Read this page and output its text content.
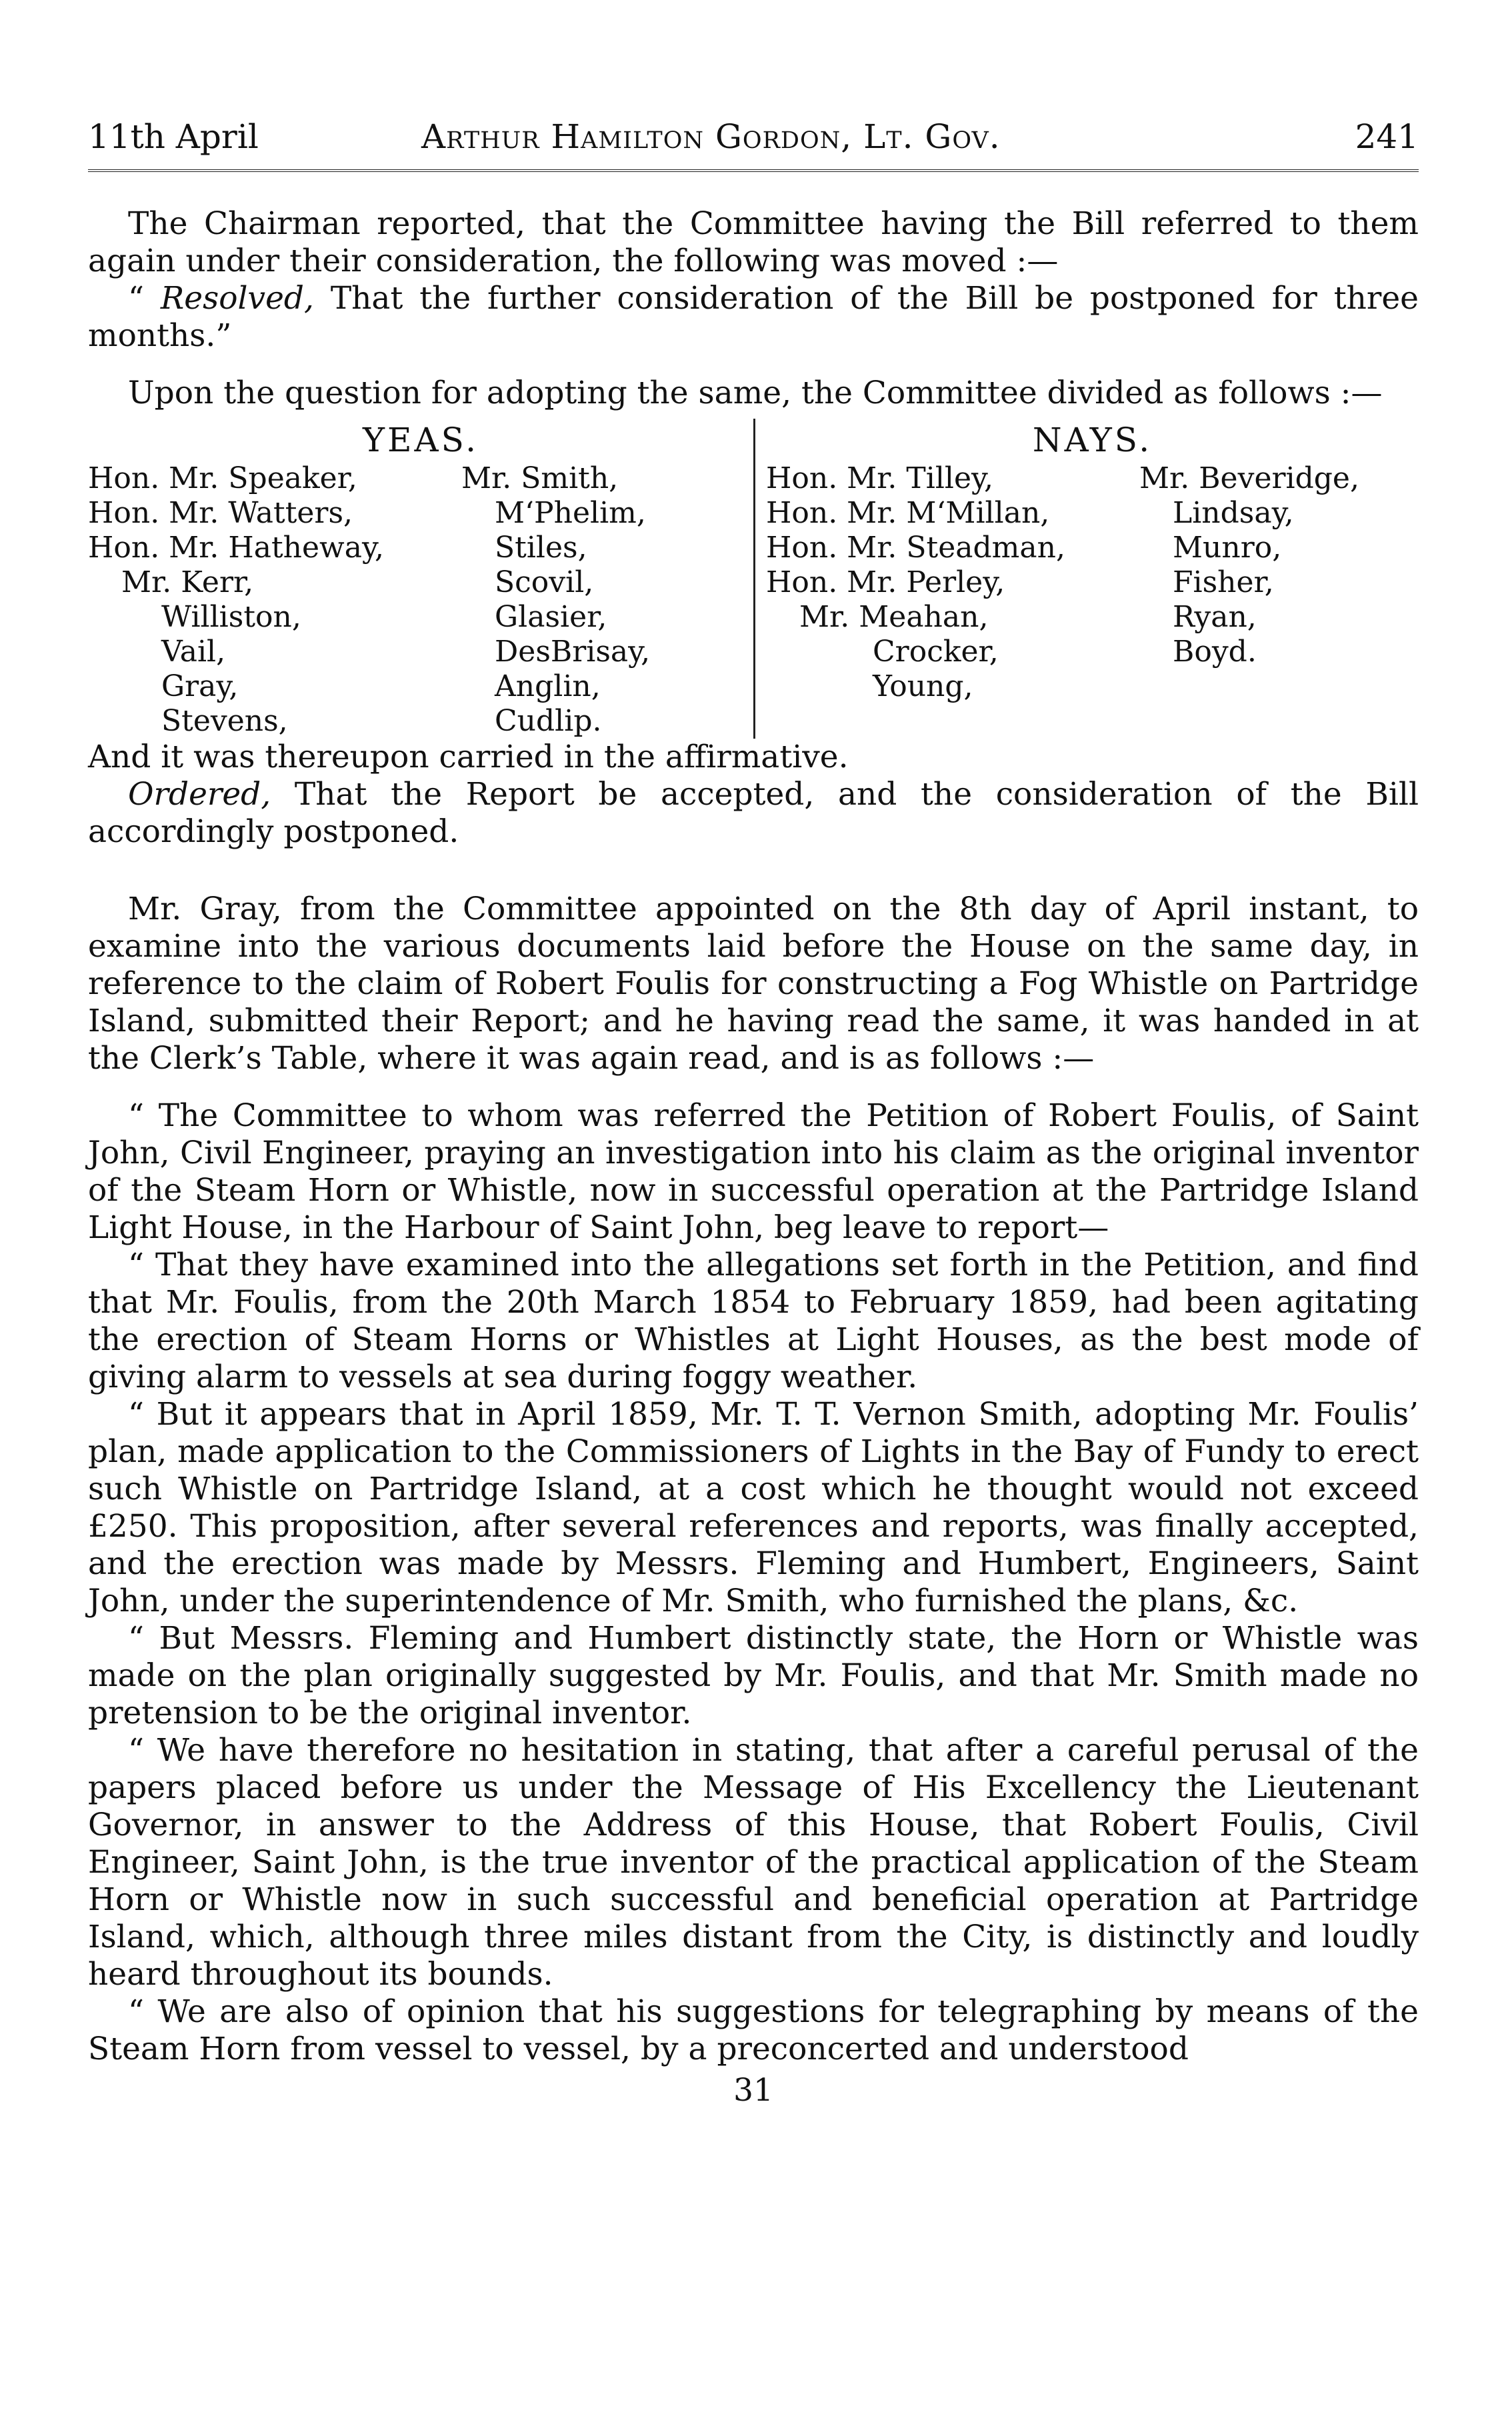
11th April	Arthur Hamilton Gordon, Lt. Gov.	241

The Chairman reported, that the Committee having the Bill referred to them again under their consideration, the following was moved :—

“ Resolved, That the further consideration of the Bill be postponed for three months.”

Upon the question for adopting the same, the Committee divided as follows :—

YEAS.
Hon. Mr. Speaker,
Hon. Mr. Watters,
Hon. Mr. Hatheway,
Mr. Kerr,
Williston,
Vail,
Gray,
Stevens,
Mr. Smith,
M‘Phelim,
Stiles,
Scovil,
Glasier,
DesBrisay,
Anglin,
Cudlip.
NAYS.
Hon. Mr. Tilley,
Hon. Mr. M‘Millan,
Hon. Mr. Steadman,
Hon. Mr. Perley,
Mr. Meahan,
Crocker,
Young,
Mr. Beveridge,
Lindsay,
Munro,
Fisher,
Ryan,
Boyd.

And it was thereupon carried in the affirmative.

Ordered, That the Report be accepted, and the consideration of the Bill accordingly postponed.

Mr. Gray, from the Committee appointed on the 8th day of April instant, to examine into the various documents laid before the House on the same day, in reference to the claim of Robert Foulis for constructing a Fog Whistle on Partridge Island, submitted their Report; and he having read the same, it was handed in at the Clerk’s Table, where it was again read, and is as follows :—

“ The Committee to whom was referred the Petition of Robert Foulis, of Saint John, Civil Engineer, praying an investigation into his claim as the original inventor of the Steam Horn or Whistle, now in successful operation at the Partridge Island Light House, in the Harbour of Saint John, beg leave to report—

“ That they have examined into the allegations set forth in the Petition, and find that Mr. Foulis, from the 20th March 1854 to February 1859, had been agitating the erection of Steam Horns or Whistles at Light Houses, as the best mode of giving alarm to vessels at sea during foggy weather.

“ But it appears that in April 1859, Mr. T. T. Vernon Smith, adopting Mr. Foulis’ plan, made application to the Commissioners of Lights in the Bay of Fundy to erect such Whistle on Partridge Island, at a cost which he thought would not exceed £250. This proposition, after several references and reports, was finally accepted, and the erection was made by Messrs. Fleming and Humbert, Engineers, Saint John, under the superintendence of Mr. Smith, who furnished the plans, &c.

“ But Messrs. Fleming and Humbert distinctly state, the Horn or Whistle was made on the plan originally suggested by Mr. Foulis, and that Mr. Smith made no pretension to be the original inventor.

“ We have therefore no hesitation in stating, that after a careful perusal of the papers placed before us under the Message of His Excellency the Lieutenant Governor, in answer to the Address of this House, that Robert Foulis, Civil Engineer, Saint John, is the true inventor of the practical application of the Steam Horn or Whistle now in such successful and beneficial operation at Partridge Island, which, although three miles distant from the City, is distinctly and loudly heard throughout its bounds.

“ We are also of opinion that his suggestions for telegraphing by means of the Steam Horn from vessel to vessel, by a preconcerted and understood

31
